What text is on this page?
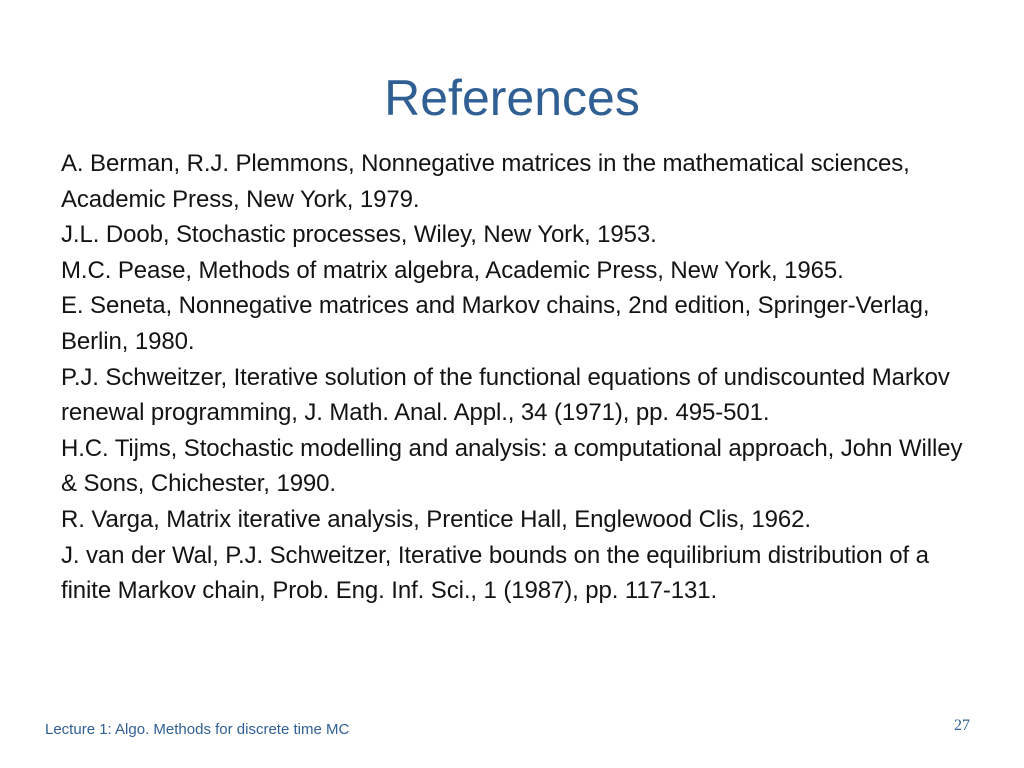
References
A. Berman, R.J. Plemmons, Nonnegative matrices in the mathematical sciences, Academic Press, New York, 1979.
J.L. Doob, Stochastic processes, Wiley, New York, 1953.
M.C. Pease, Methods of matrix algebra, Academic Press, New York, 1965.
E. Seneta, Nonnegative matrices and Markov chains, 2nd edition, Springer-Verlag, Berlin, 1980.
P.J. Schweitzer, Iterative solution of the functional equations of undiscounted Markov renewal programming, J. Math. Anal. Appl., 34 (1971), pp. 495-501.
H.C. Tijms, Stochastic modelling and analysis: a computational approach, John Willey & Sons, Chichester, 1990.
R. Varga, Matrix iterative analysis, Prentice Hall, Englewood Clis, 1962.
J. van der Wal, P.J. Schweitzer, Iterative bounds on the equilibrium distribution of a finite Markov chain, Prob. Eng. Inf. Sci., 1 (1987), pp. 117-131.
Lecture 1: Algo. Methods for discrete time MC	27
